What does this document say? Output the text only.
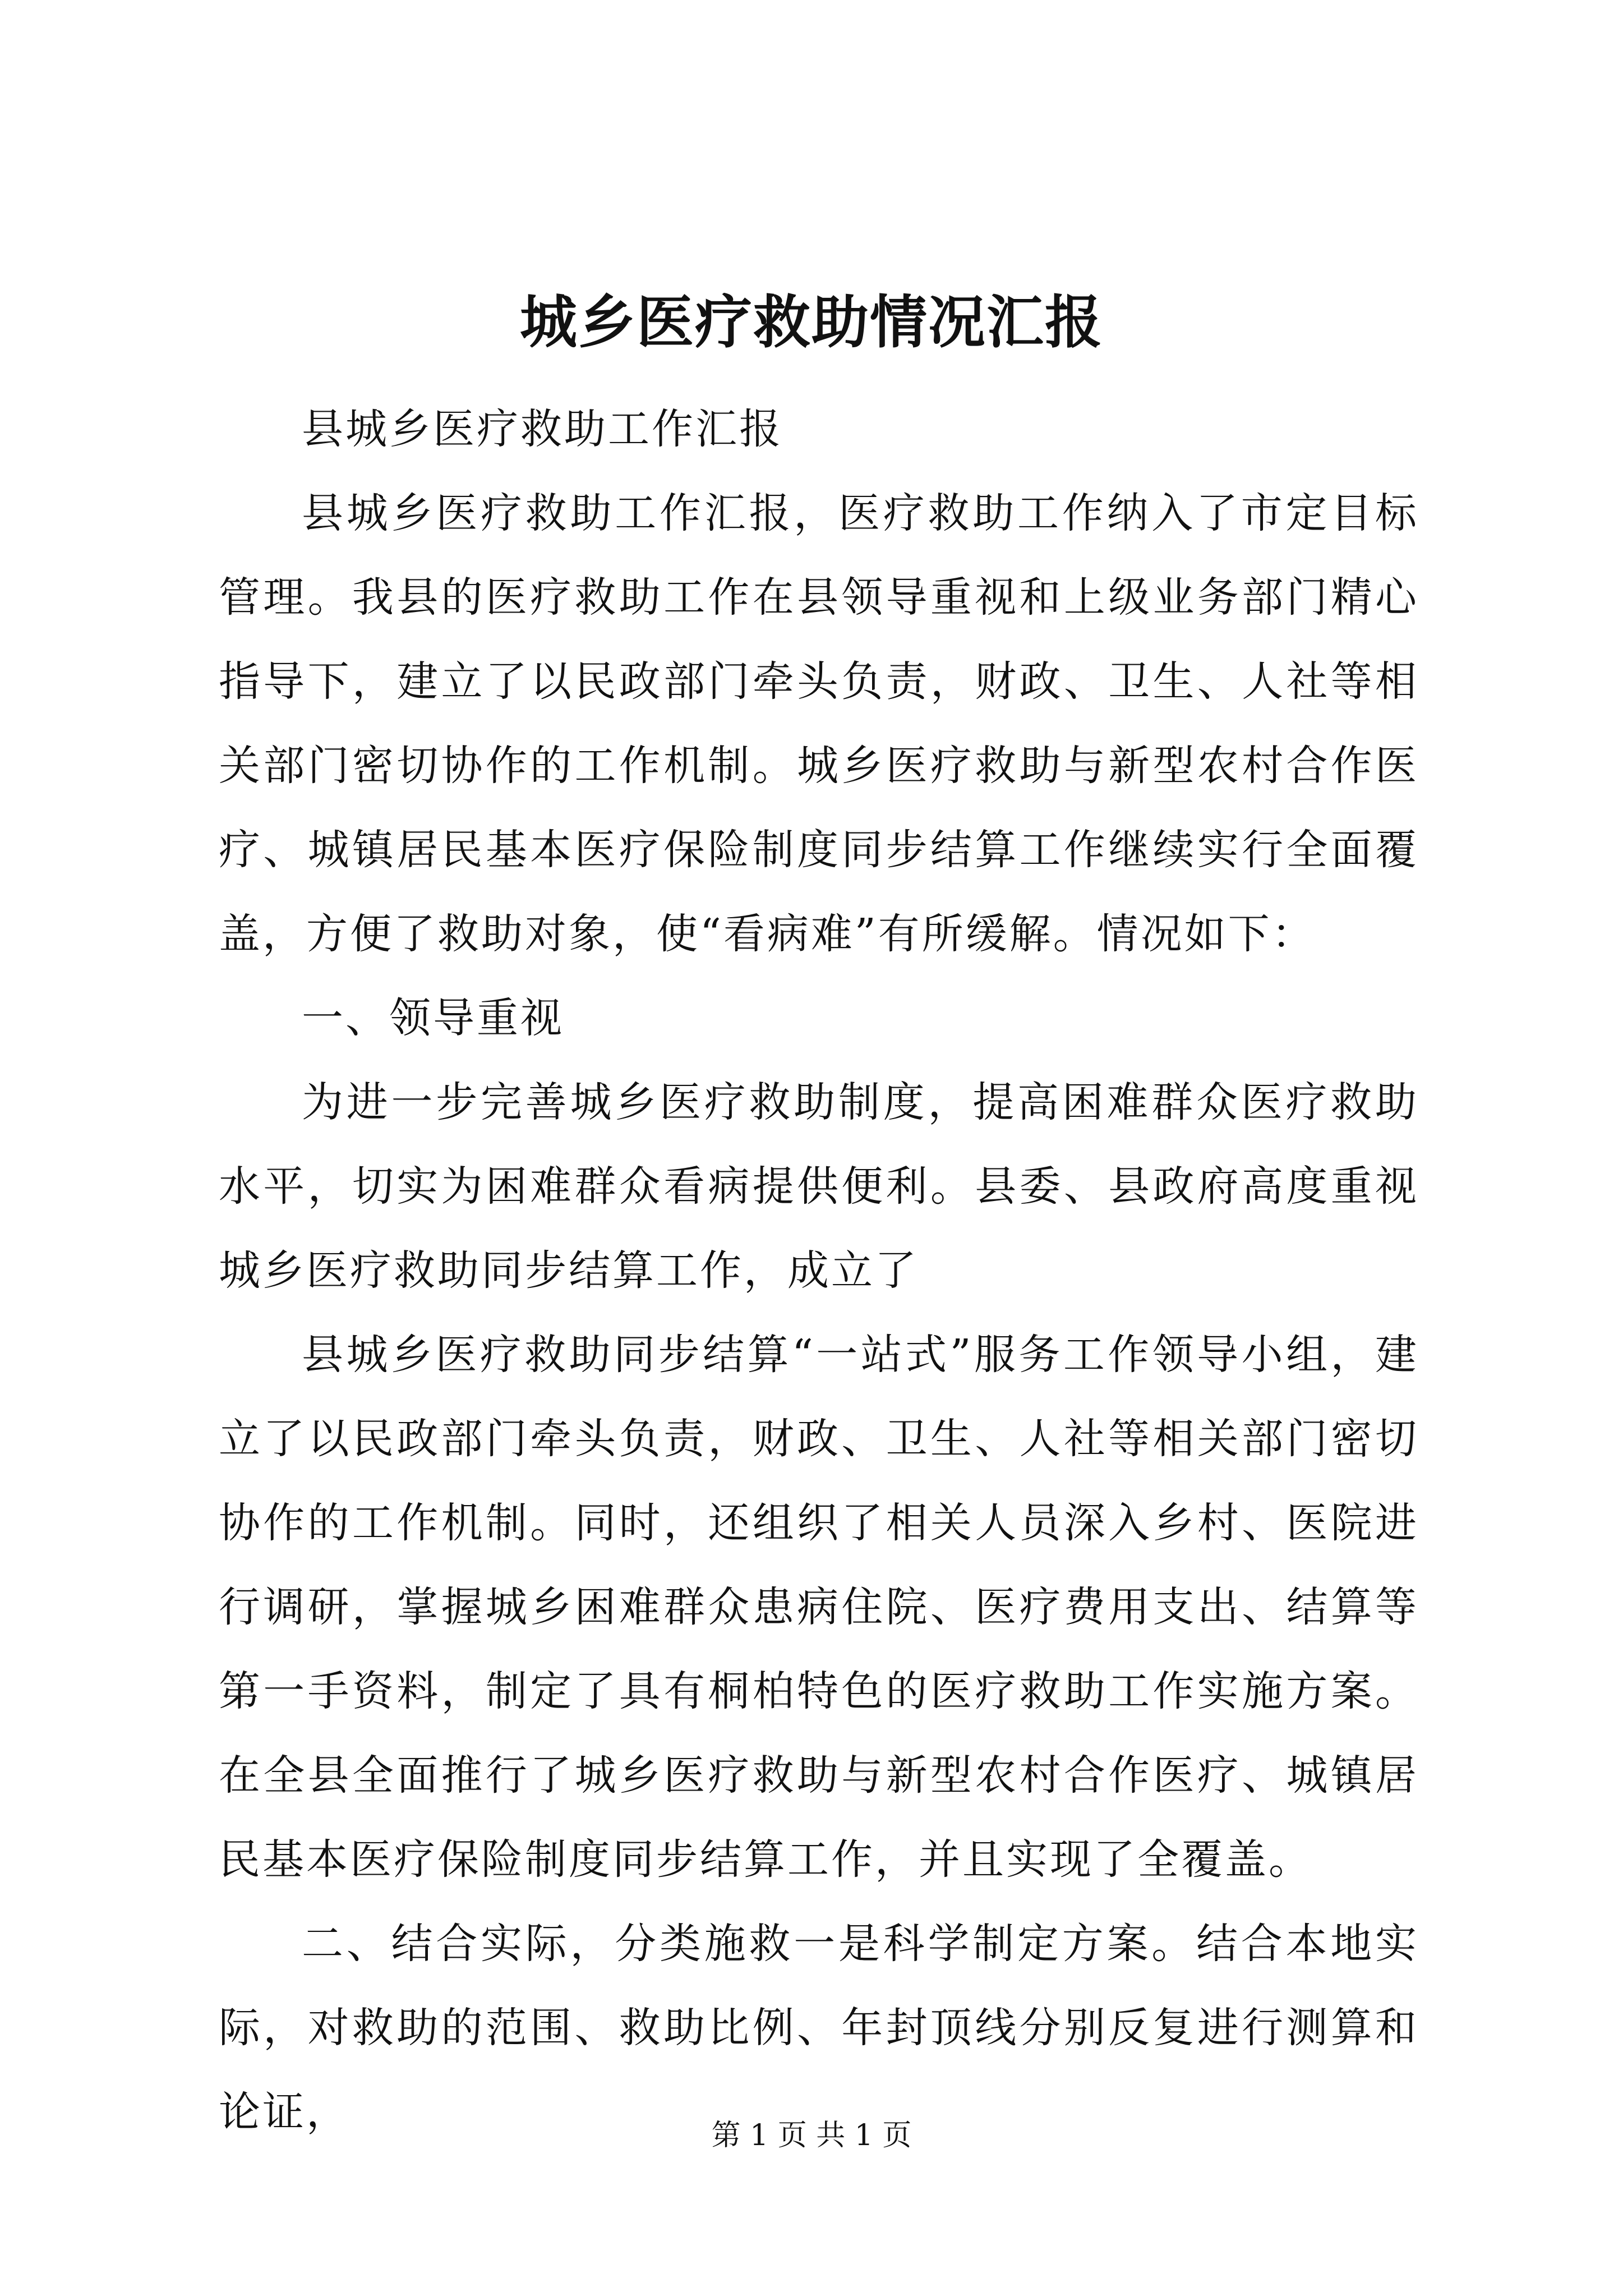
城乡医疗救助情况汇报

县城乡医疗救助工作汇报

县城乡医疗救助工作汇报，医疗救助工作纳入了市定目标管理。我县的医疗救助工作在县领导重视和上级业务部门精心指导下，建立了以民政部门牵头负责，财政、卫生、人社等相关部门密切协作的工作机制。城乡医疗救助与新型农村合作医疗、城镇居民基本医疗保险制度同步结算工作继续实行全面覆盖，方便了救助对象，使“看病难”有所缓解。情况如下：

一、领导重视

为进一步完善城乡医疗救助制度，提高困难群众医疗救助水平，切实为困难群众看病提供便利。县委、县政府高度重视城乡医疗救助同步结算工作，成立了

县城乡医疗救助同步结算“一站式”服务工作领导小组，建立了以民政部门牵头负责，财政、卫生、人社等相关部门密切协作的工作机制。同时，还组织了相关人员深入乡村、医院进行调研，掌握城乡困难群众患病住院、医疗费用支出、结算等第一手资料，制定了具有桐柏特色的医疗救助工作实施方案。在全县全面推行了城乡医疗救助与新型农村合作医疗、城镇居民基本医疗保险制度同步结算工作，并且实现了全覆盖。

二、结合实际，分类施救一是科学制定方案。结合本地实际，对救助的范围、救助比例、年封顶线分别反复进行测算和论证，	第 1 页 共 1 页
